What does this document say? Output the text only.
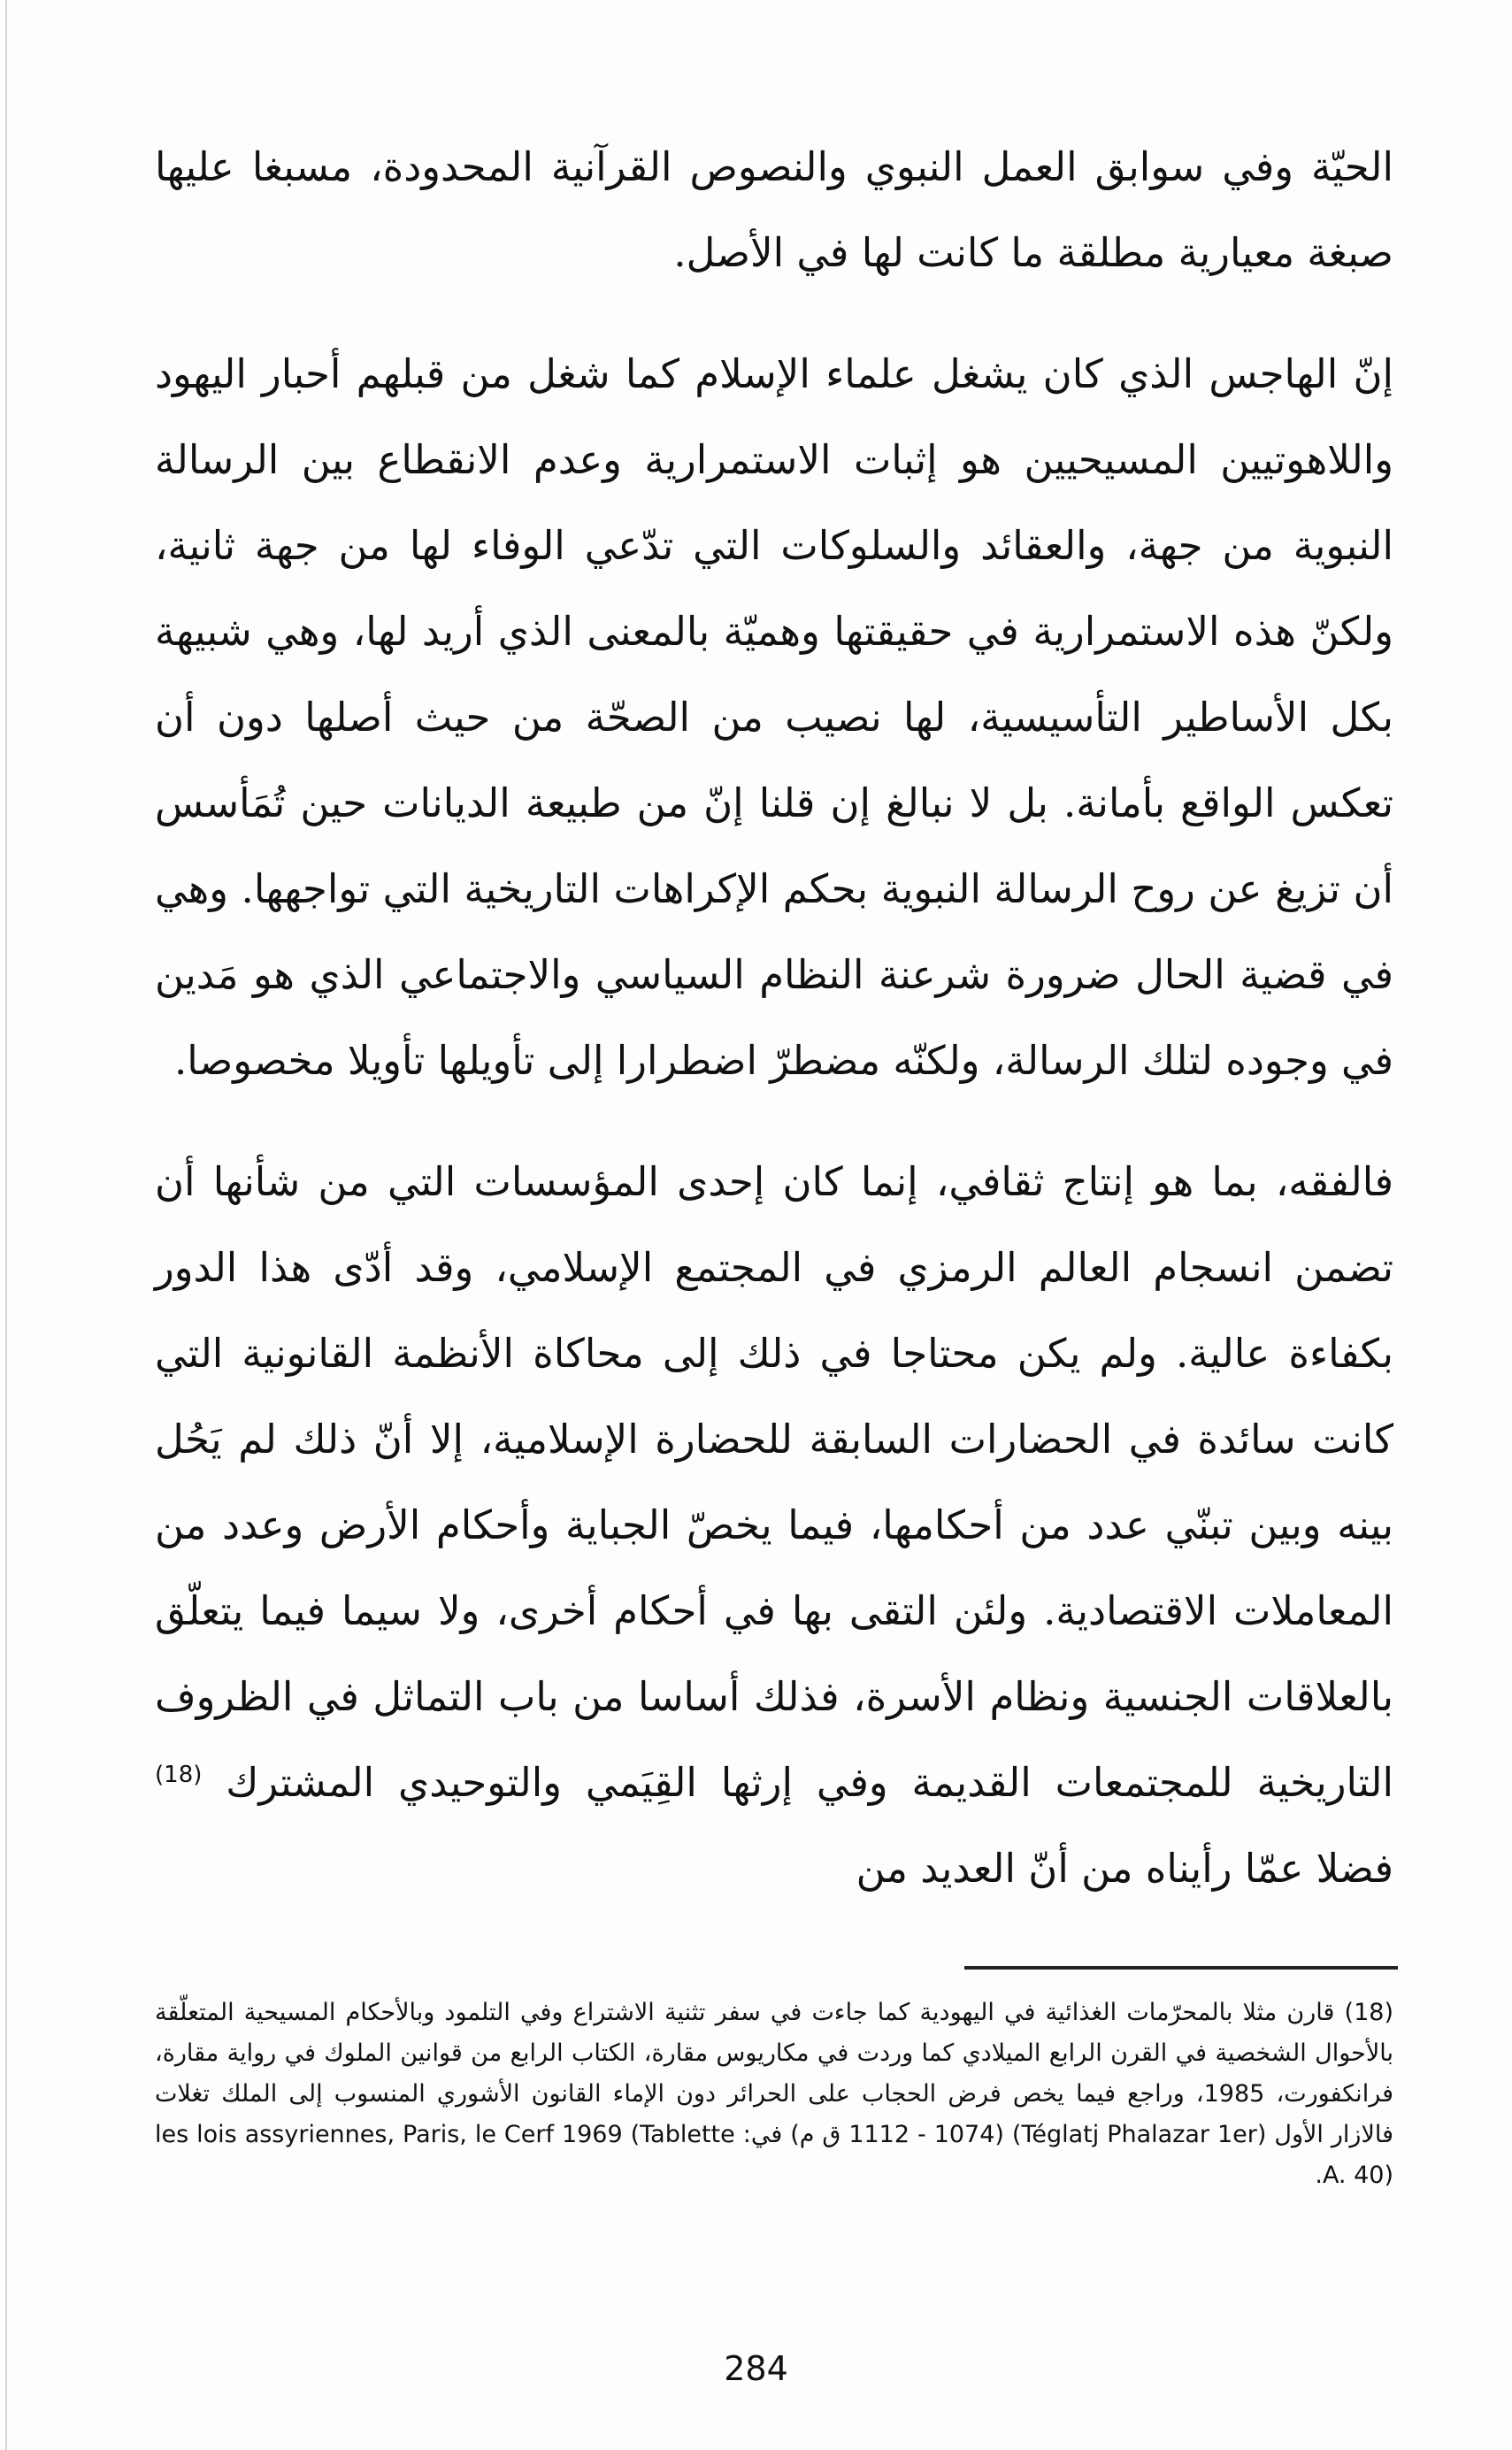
الحيّة وفي سوابق العمل النبوي والنصوص القرآنية المحدودة، مسبغا عليها صبغة معيارية مطلقة ما كانت لها في الأصل.

إنّ الهاجس الذي كان يشغل علماء الإسلام كما شغل من قبلهم أحبار اليهود واللاهوتيين المسيحيين هو إثبات الاستمرارية وعدم الانقطاع بين الرسالة النبوية من جهة، والعقائد والسلوكات التي تدّعي الوفاء لها من جهة ثانية، ولكنّ هذه الاستمرارية في حقيقتها وهميّة بالمعنى الذي أريد لها، وهي شبيهة بكل الأساطير التأسيسية، لها نصيب من الصحّة من حيث أصلها دون أن تعكس الواقع بأمانة. بل لا نبالغ إن قلنا إنّ من طبيعة الديانات حين تُمَأسس أن تزيغ عن روح الرسالة النبوية بحكم الإكراهات التاريخية التي تواجهها. وهي في قضية الحال ضرورة شرعنة النظام السياسي والاجتماعي الذي هو مَدين في وجوده لتلك الرسالة، ولكنّه مضطرّ اضطرارا إلى تأويلها تأويلا مخصوصا.

فالفقه، بما هو إنتاج ثقافي، إنما كان إحدى المؤسسات التي من شأنها أن تضمن انسجام العالم الرمزي في المجتمع الإسلامي، وقد أدّى هذا الدور بكفاءة عالية. ولم يكن محتاجا في ذلك إلى محاكاة الأنظمة القانونية التي كانت سائدة في الحضارات السابقة للحضارة الإسلامية، إلا أنّ ذلك لم يَحُل بينه وبين تبنّي عدد من أحكامها، فيما يخصّ الجباية وأحكام الأرض وعدد من المعاملات الاقتصادية. ولئن التقى بها في أحكام أخرى، ولا سيما فيما يتعلّق بالعلاقات الجنسية ونظام الأسرة، فذلك أساسا من باب التماثل في الظروف التاريخية للمجتمعات القديمة وفي إرثها القِيَمي والتوحيدي المشترك $^{(18)}$ فضلا عمّا رأيناه من أنّ العديد من

(18) قارن مثلا بالمحرّمات الغذائية في اليهودية كما جاءت في سفر تثنية الاشتراع وفي التلمود وبالأحكام المسيحية المتعلّقة بالأحوال الشخصية في القرن الرابع الميلادي كما وردت في مكاريوس مقارة، الكتاب الرابع من قوانين الملوك في رواية مقارة، فرانكفورت، 1985، وراجع فيما يخص فرض الحجاب على الحرائر دون الإماء القانون الأشوري المنسوب إلى الملك تغلات فالازار الأول (Téglatj Phalazar 1er) (1112 - 1074 ق م) في: les lois assyriennes, Paris, le Cerf 1969 (Tablette A. 40).

284
